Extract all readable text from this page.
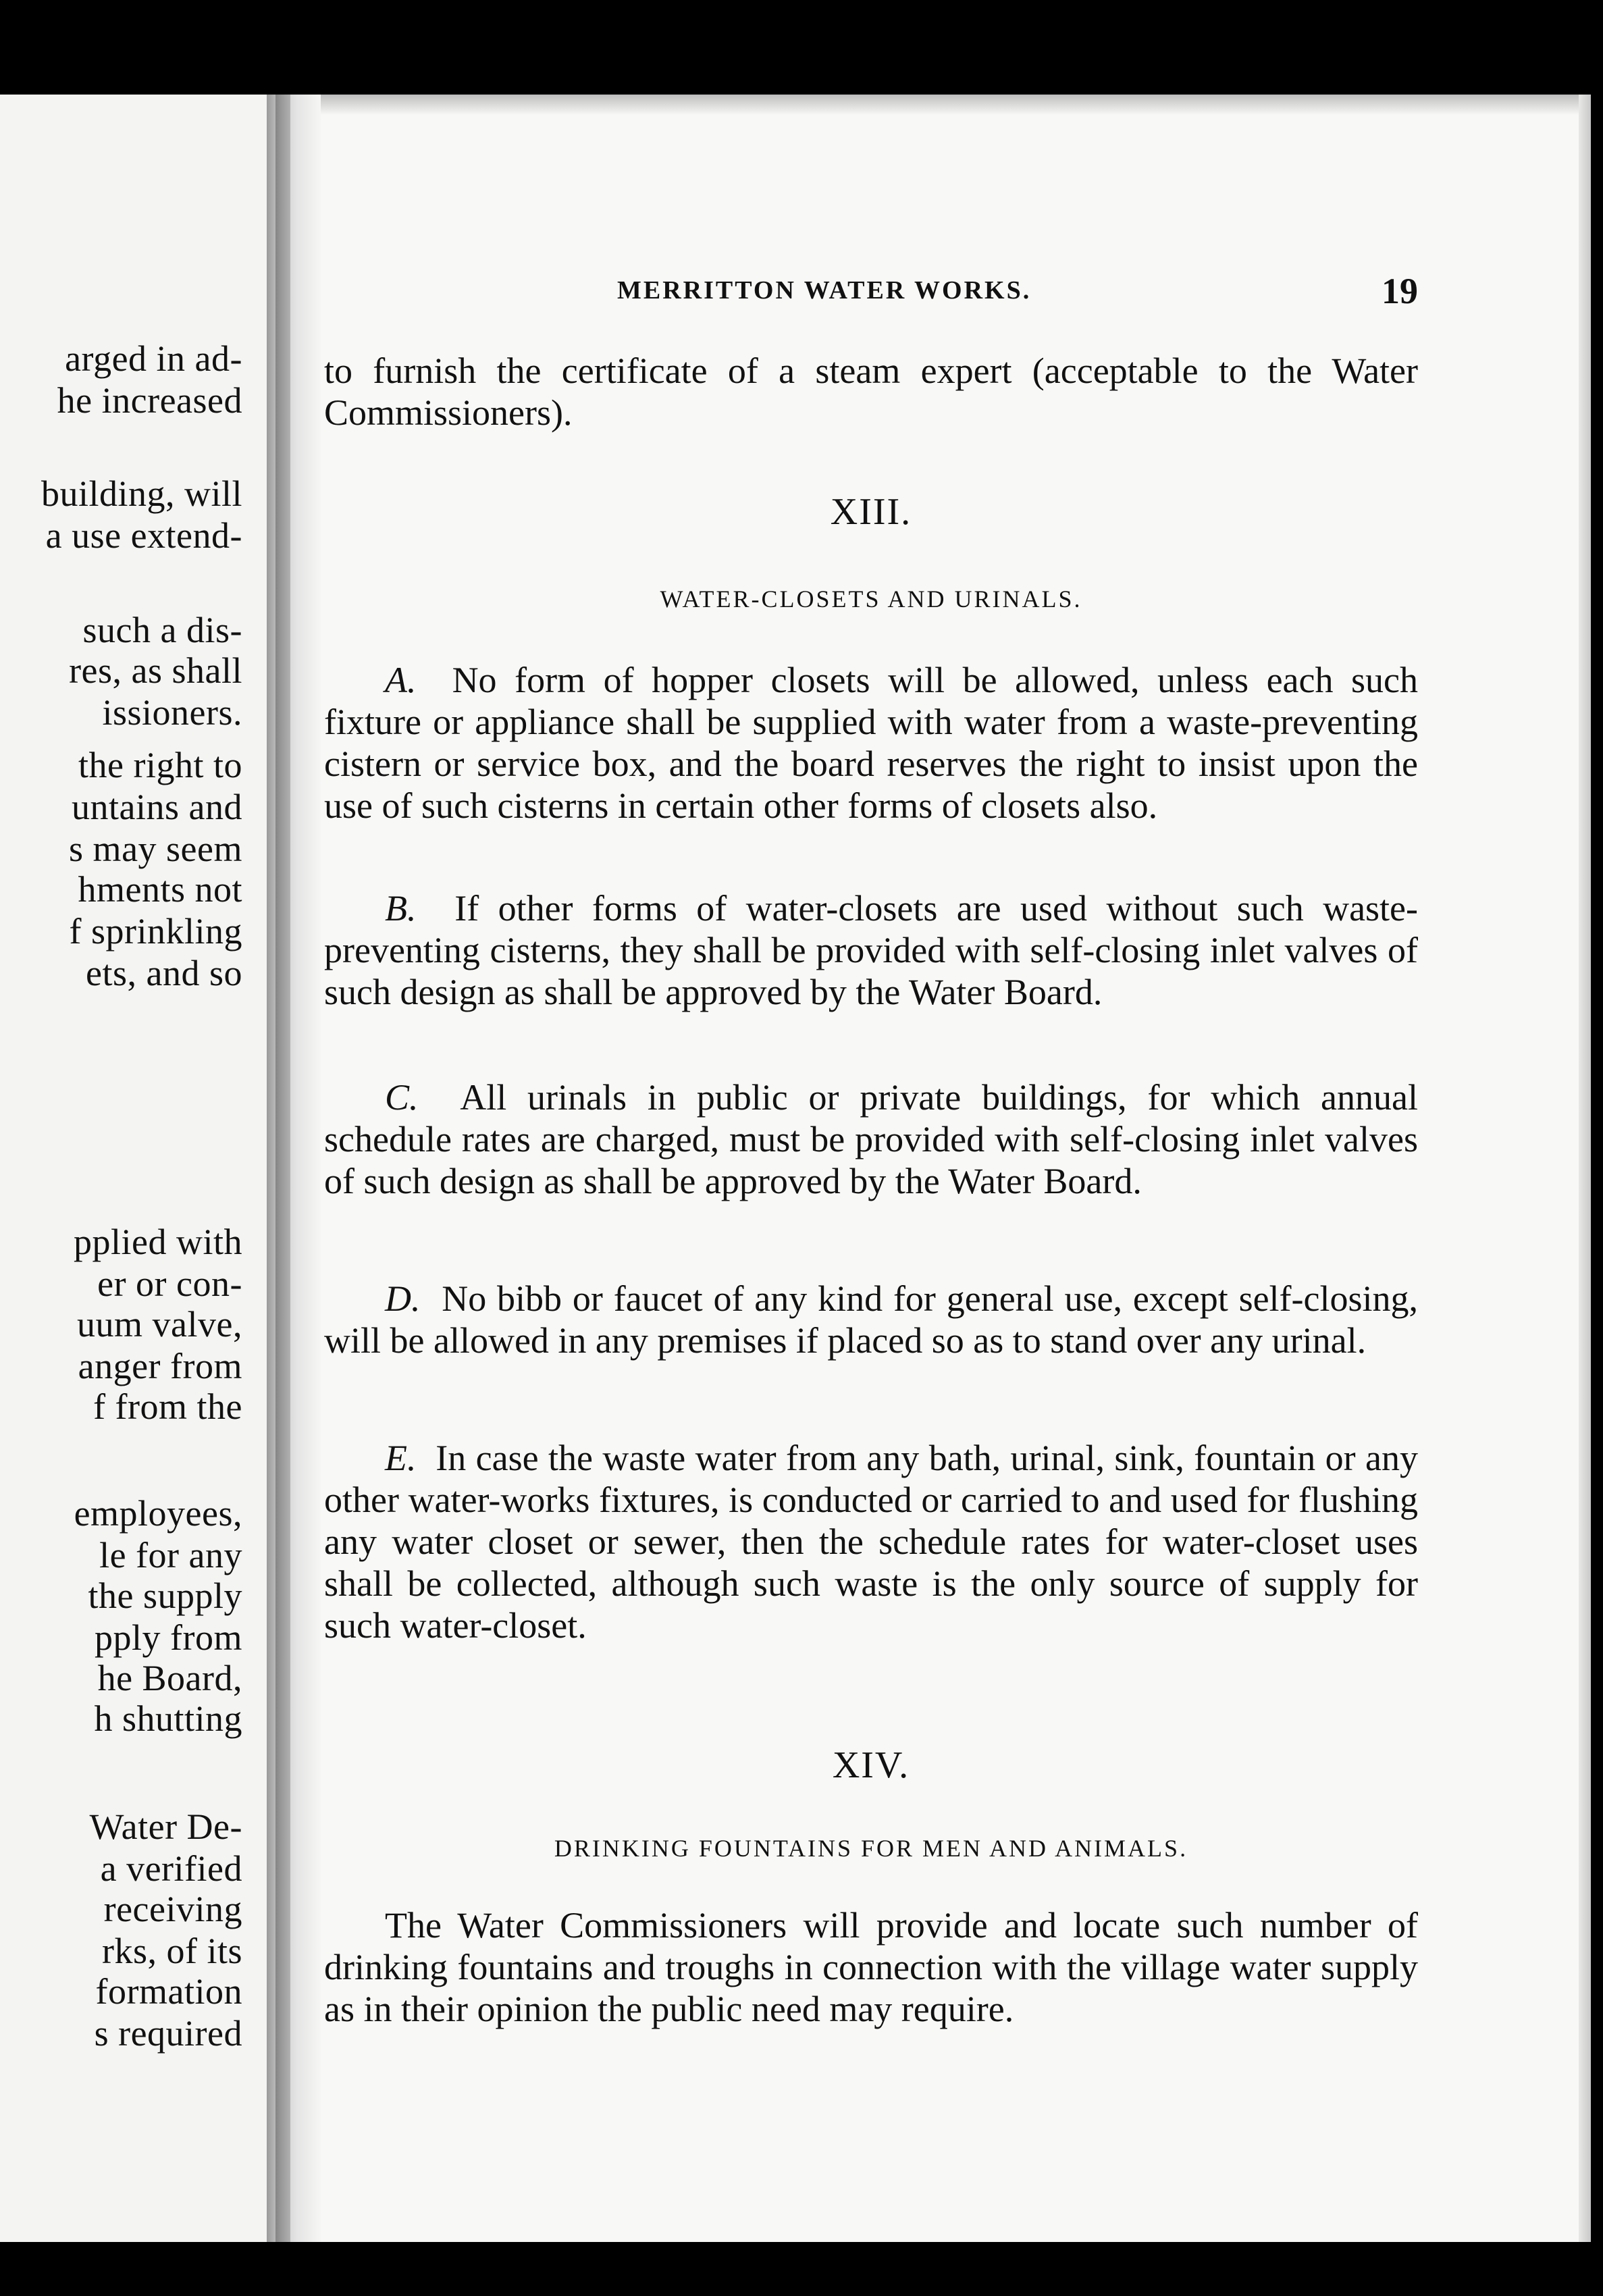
arged in ad-
he increased
building, will
a use extend-
such a dis-
res, as shall
issioners.
the right to
untains and
s may seem
hments not
f sprinkling
ets, and so
pplied with
er or con-
uum valve,
anger from
f from the
employees,
le for any
the supply
pply from
he Board,
h shutting
Water De-
a verified
receiving
rks, of its
formation
s required
MERRITTON WATER WORKS.	19
to furnish the certificate of a steam expert (acceptable to the Water Commissioners).
XIII.
WATER-CLOSETS AND URINALS.
A. No form of hopper closets will be allowed, unless each such fixture or appliance shall be supplied with water from a waste-preventing cistern or service box, and the board reserves the right to insist upon the use of such cisterns in certain other forms of closets also.
B. If other forms of water-closets are used without such waste-preventing cisterns, they shall be provided with self-closing inlet valves of such design as shall be approved by the Water Board.
C. All urinals in public or private buildings, for which annual schedule rates are charged, must be provided with self-closing inlet valves of such design as shall be approved by the Water Board.
D. No bibb or faucet of any kind for general use, except self-closing, will be allowed in any premises if placed so as to stand over any urinal.
E. In case the waste water from any bath, urinal, sink, fountain or any other water-works fixtures, is conducted or carried to and used for flushing any water closet or sewer, then the schedule rates for water-closet uses shall be collected, although such waste is the only source of supply for such water-closet.
XIV.
DRINKING FOUNTAINS FOR MEN AND ANIMALS.
The Water Commissioners will provide and locate such number of drinking fountains and troughs in connection with the village water supply as in their opinion the public need may require.
